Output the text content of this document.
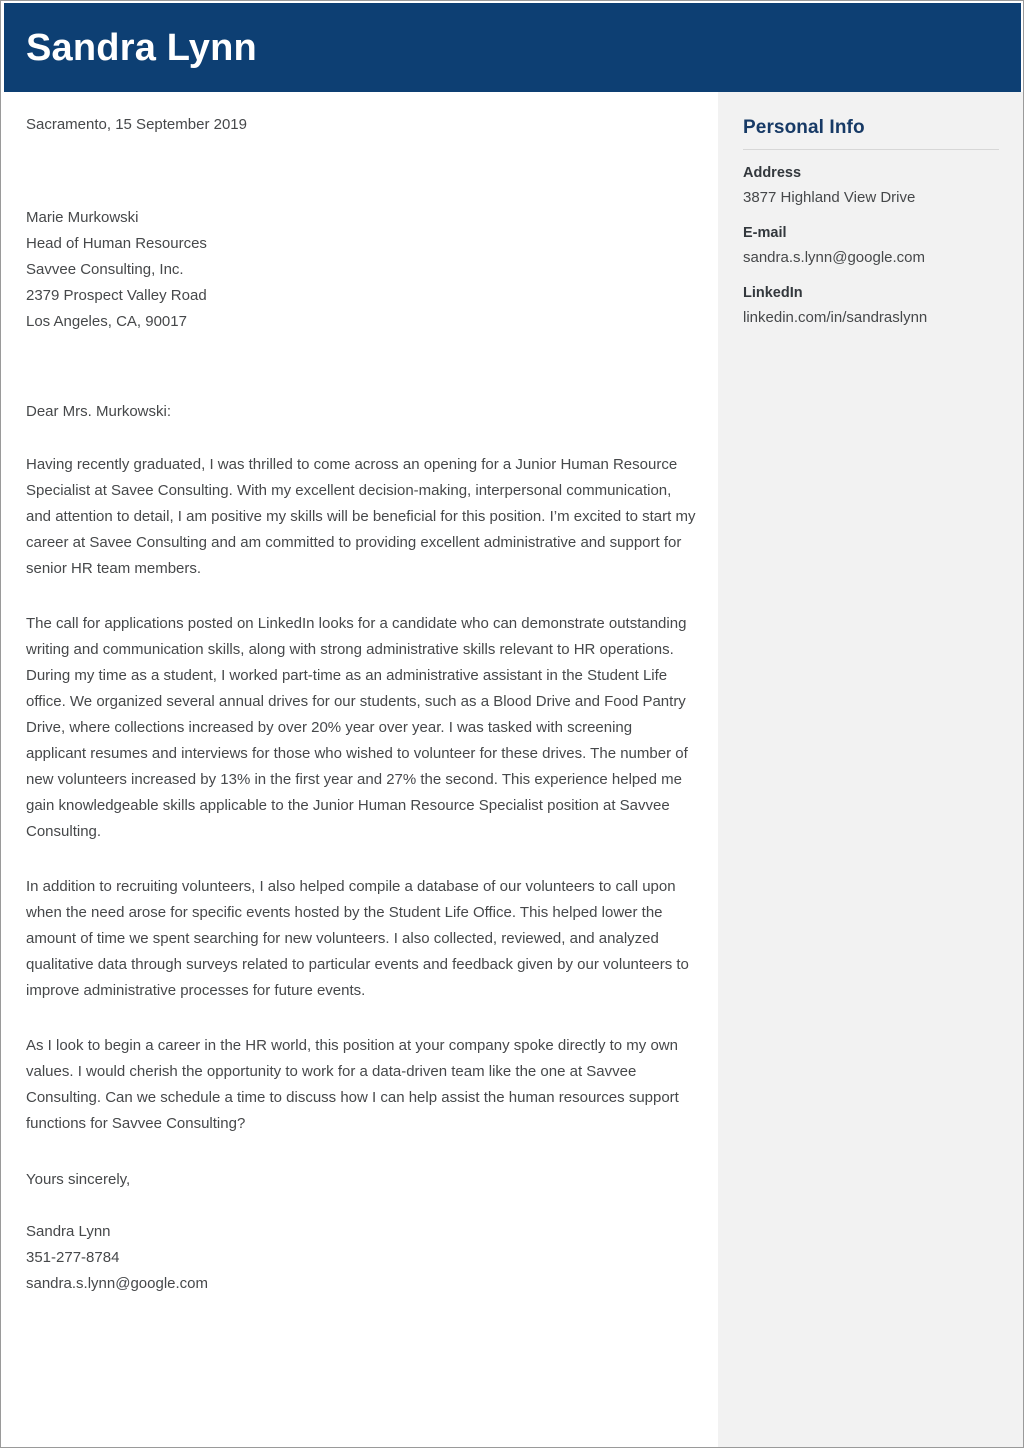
Sandra Lynn
Sacramento, 15 September 2019
Marie Murkowski
Head of Human Resources
Savvee Consulting, Inc.
2379 Prospect Valley Road
Los Angeles, CA, 90017
Dear Mrs. Murkowski:

Having recently graduated, I was thrilled to come across an opening for a Junior Human Resource Specialist at Savee Consulting. With my excellent decision-making, interpersonal communication, and attention to detail, I am positive my skills will be beneficial for this position. I’m excited to start my career at Savee Consulting and am committed to providing excellent administrative and support for senior HR team members.

The call for applications posted on LinkedIn looks for a candidate who can demonstrate outstanding writing and communication skills, along with strong administrative skills relevant to HR operations. During my time as a student, I worked part-time as an administrative assistant in the Student Life office. We organized several annual drives for our students, such as a Blood Drive and Food Pantry Drive, where collections increased by over 20% year over year. I was tasked with screening applicant resumes and interviews for those who wished to volunteer for these drives. The number of new volunteers increased by 13% in the first year and 27% the second. This experience helped me gain knowledgeable skills applicable to the Junior Human Resource Specialist position at Savvee Consulting.

In addition to recruiting volunteers, I also helped compile a database of our volunteers to call upon when the need arose for specific events hosted by the Student Life Office. This helped lower the amount of time we spent searching for new volunteers. I also collected, reviewed, and analyzed qualitative data through surveys related to particular events and feedback given by our volunteers to improve administrative processes for future events.

As I look to begin a career in the HR world, this position at your company spoke directly to my own values. I would cherish the opportunity to work for a data-driven team like the one at Savvee Consulting. Can we schedule a time to discuss how I can help assist the human resources support functions for Savvee Consulting?

Yours sincerely,
Sandra Lynn
351-277-8784
sandra.s.lynn@google.com
Personal Info
Address
3877 Highland View Drive
E-mail
sandra.s.lynn@google.com
LinkedIn
linkedin.com/in/sandraslynn
